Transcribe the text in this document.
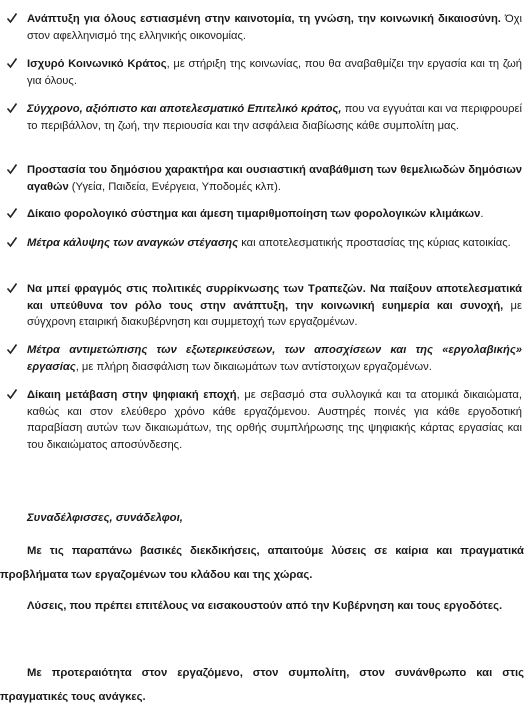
Ανάπτυξη για όλους εστιασμένη στην καινοτομία, τη γνώση, την κοινωνική δικαιοσύνη. Όχι στον αφελληνισμό της ελληνικής οικονομίας.
Ισχυρό Κοινωνικό Κράτος, με στήριξη της κοινωνίας, που θα αναβαθμίζει την εργασία και τη ζωή για όλους.
Σύγχρονο, αξιόπιστο και αποτελεσματικό Επιτελικό κράτος, που να εγγυάται και να περιφρουρεί το περιβάλλον, τη ζωή, την περιουσία και την ασφάλεια διαβίωσης κάθε συμπολίτη μας.
Προστασία του δημόσιου χαρακτήρα και ουσιαστική αναβάθμιση των θεμελιωδών δημόσιων αγαθών (Υγεία, Παιδεία, Ενέργεια, Υποδομές κλπ).
Δίκαιο φορολογικό σύστημα και άμεση τιμαριθμοποίηση των φορολογικών κλιμάκων.
Μέτρα κάλυψης των αναγκών στέγασης και αποτελεσματικής προστασίας της κύριας κατοικίας.
Να μπεί φραγμός στις πολιτικές συρρίκνωσης των Τραπεζών. Να παίξουν αποτελεσματικά και υπεύθυνα τον ρόλο τους στην ανάπτυξη, την κοινωνική ευημερία και συνοχή, με σύγχρονη εταιρική διακυβέρνηση και συμμετοχή των εργαζομένων.
Μέτρα αντιμετώπισης των εξωτερικεύσεων, των αποσχίσεων και της «εργολαβικής» εργασίας, με πλήρη διασφάλιση των δικαιωμάτων των αντίστοιχων εργαζομένων.
Δίκαιη μετάβαση στην ψηφιακή εποχή, με σεβασμό στα συλλογικά και τα ατομικά δικαιώματα, καθώς και στον ελεύθερο χρόνο κάθε εργαζόμενου. Αυστηρές ποινές για κάθε εργοδοτική παραβίαση αυτών των δικαιωμάτων, της ορθής συμπλήρωσης της ψηφιακής κάρτας εργασίας και του δικαιώματος αποσύνδεσης.
Συναδέλφισσες, συνάδελφοι,
Με τις παραπάνω βασικές διεκδικήσεις, απαιτούμε λύσεις σε καίρια και πραγματικά προβλήματα των εργαζομένων του κλάδου και της χώρας.
Λύσεις, που πρέπει επιτέλους να εισακουστούν από την Κυβέρνηση και τους εργοδότες.
Με προτεραιότητα στον εργαζόμενο, στον συμπολίτη, στον συνάνθρωπο και στις πραγματικές τους ανάγκες.
